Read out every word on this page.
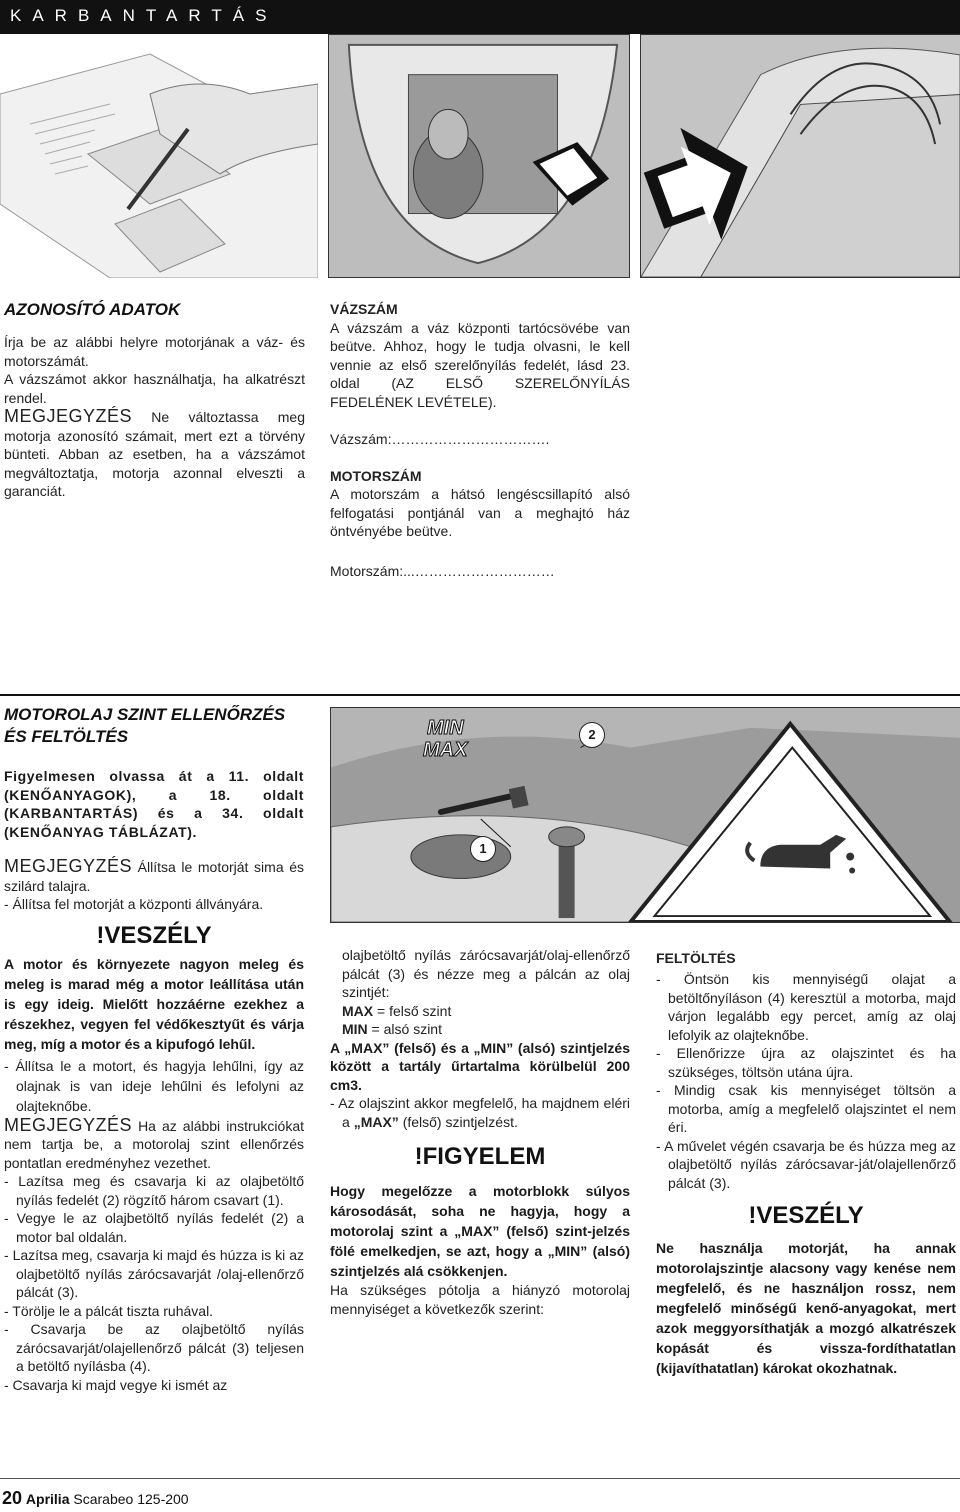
KARBANTARTÁS
AZONOSÍTÓ ADATOK
Írja be az alábbi helyre motorjának a váz- és motorszámát.
A vázszámot akkor használhatja, ha alkatrészt rendel.
MEGJEGYZÉS Ne változtassa meg motorja azonosító számait, mert ezt a törvény bünteti. Abban az esetben, ha a vázszámot megváltoztatja, motorja azonnal elveszti a garanciát.
VÁZSZÁM
A vázszám a váz központi tartócsövébe van beütve. Ahhoz, hogy le tudja olvasni, le kell vennie az első szerelőnyílás fedelét, lásd 23. oldal (AZ ELSŐ SZERELŐNYÍLÁS FEDELÉNEK LEVÉTELE).
Vázszám:…………………………….
MOTORSZÁM
A motorszám a hátsó lengéscsillapító alsó felfogatási pontjánál van a meghajtó ház öntvényébe beütve.
Motorszám:...…………………………
MOTOROLAJ SZINT ELLENŐRZÉS
ÉS FELTÖLTÉS	MIN
MAX
2
1
Figyelmesen olvassa át a 11. oldalt (KENŐANYAGOK), a 18. oldalt (KARBANTARTÁS) és a 34. oldalt (KENŐANYAG TÁBLÁZAT).
MEGJEGYZÉS Állítsa le motorját sima és szilárd talajra.
- Állítsa fel motorját a központi állványára.
!VESZÉLY
A motor és környezete nagyon meleg és meleg is marad még a motor leállítása után is egy ideig. Mielőtt hozzáérne ezekhez a részekhez, vegyen fel védőkesztyűt és várja meg, míg a motor és a kipufogó lehűl.
- Állítsa le a motort, és hagyja lehűlni, így az olajnak is van ideje lehűlni és lefolyni az olajteknőbe.
MEGJEGYZÉS Ha az alábbi instrukciókat nem tartja be, a motorolaj szint ellenőrzés pontatlan eredményhez vezethet.
- Lazítsa meg és csavarja ki az olajbetöltő nyílás fedelét (2) rögzítő három csavart (1).
- Vegye le az olajbetöltő nyílás fedelét (2) a motor bal oldalán.
- Lazítsa meg, csavarja ki majd és húzza is ki az olajbetöltő nyílás zárócsavarját /olaj-ellenőrző pálcát (3).
- Törölje le a pálcát tiszta ruhával.
- Csavarja be az olajbetöltő nyílás zárócsavarját/olajellenőrző pálcát (3) teljesen a betöltő nyílásba (4).
- Csavarja ki majd vegye ki ismét az
olajbetöltő nyílás zárócsavarját/olaj-ellenőrző pálcát (3) és nézze meg a pálcán az olaj szintjét:
MAX = felső szint
MIN = alsó szint
A „MAX” (felső) és a „MIN” (alsó) szintjelzés között a tartály űrtartalma körülbelül 200 cm3.
- Az olajszint akkor megfelelő, ha majdnem eléri a „MAX” (felső) szintjelzést.
!FIGYELEM
Hogy megelőzze a motorblokk súlyos károsodását, soha ne hagyja, hogy a motorolaj szint a „MAX” (felső) szint-jelzés fölé emelkedjen, se azt, hogy a „MIN” (alsó) szintjelzés alá csökkenjen.
Ha szükséges pótolja a hiányzó motorolaj mennyiséget a következők szerint:
FELTÖLTÉS
- Öntsön kis mennyiségű olajat a betöltőnyíláson (4) keresztül a motorba, majd várjon legalább egy percet, amíg az olaj lefolyik az olajteknőbe.
- Ellenőrizze újra az olajszintet és ha szükséges, töltsön utána újra.
- Mindig csak kis mennyiséget töltsön a motorba, amíg a megfelelő olajszintet el nem éri.
- A művelet végén csavarja be és húzza meg az olajbetöltő nyílás zárócsavar-ját/olajellenőrző pálcát (3).
!VESZÉLY
Ne használja motorját, ha annak motorolajszintje alacsony vagy kenése nem megfelelő, és ne használjon rossz, nem megfelelő minőségű kenő-anyagokat, mert azok meggyorsíthatják a mozgó alkatrészek kopását és vissza-fordíthatatlan (kijavíthatatlan) károkat okozhatnak.
20 Aprilia Scarabeo 125-200
